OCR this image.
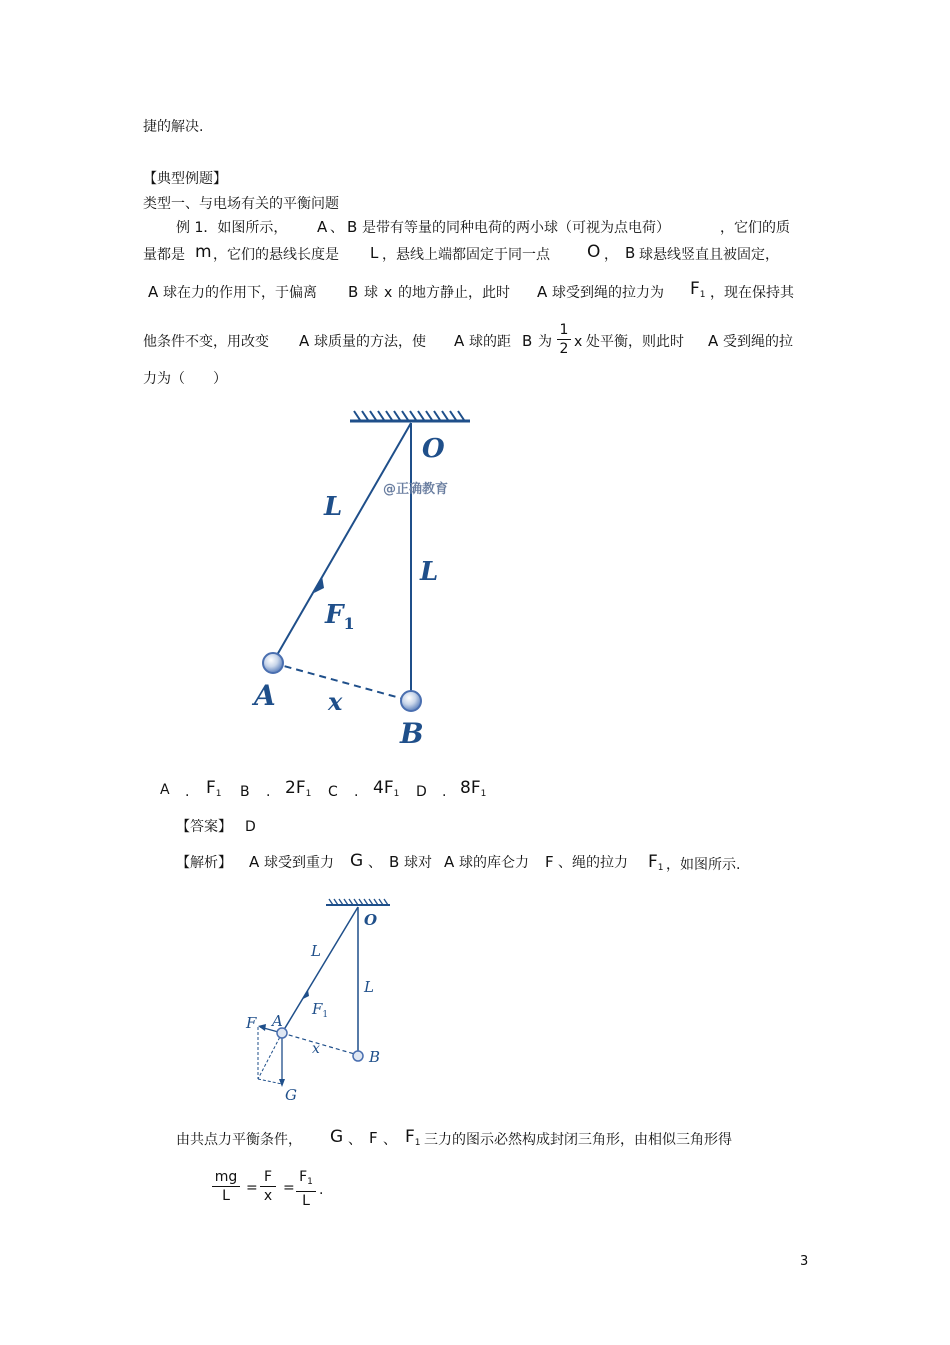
捷的解决.
【典型例题】
类型一、与电场有关的平衡问题
例 1．如图所示， A 、 B 是带有等量的同种电荷的两小球（可视为点电荷）	，它们的质
量都是 m ，它们的悬线长度是 L ，悬线上端都固定于同一点 O ， B 球悬线竖直且被固定，
A 球在力的作用下，于偏离 B 球 x 的地方静止，此时 A 球受到绳的拉力为 $F_1$ ，现在保持其
他条件不变，用改变 A 球质量的方法，使 A 球的距 B 为
1
2 x 处平衡，则此时 A 受到绳的拉
力为（　　）
O
@正确教育
L
L
$F_1$
A x
B
A . $F_1$ B . $2F_1$ C . $4F_1$ D . $8F_1$
【答案】 D
【解析】 A 球受到重力 G 、 B 球对 A 球的库仑力 F 、绳的拉力 $F_1$ ，如图所示.
O
L
L
$F_1$
A
F
x	B
G
由共点力平衡条件， G 、 F 、 $F_1$ 三力的图示必然构成封闭三角形，由相似三角形得
mg
L	=
F
x =
$F_1$
L
.
3
